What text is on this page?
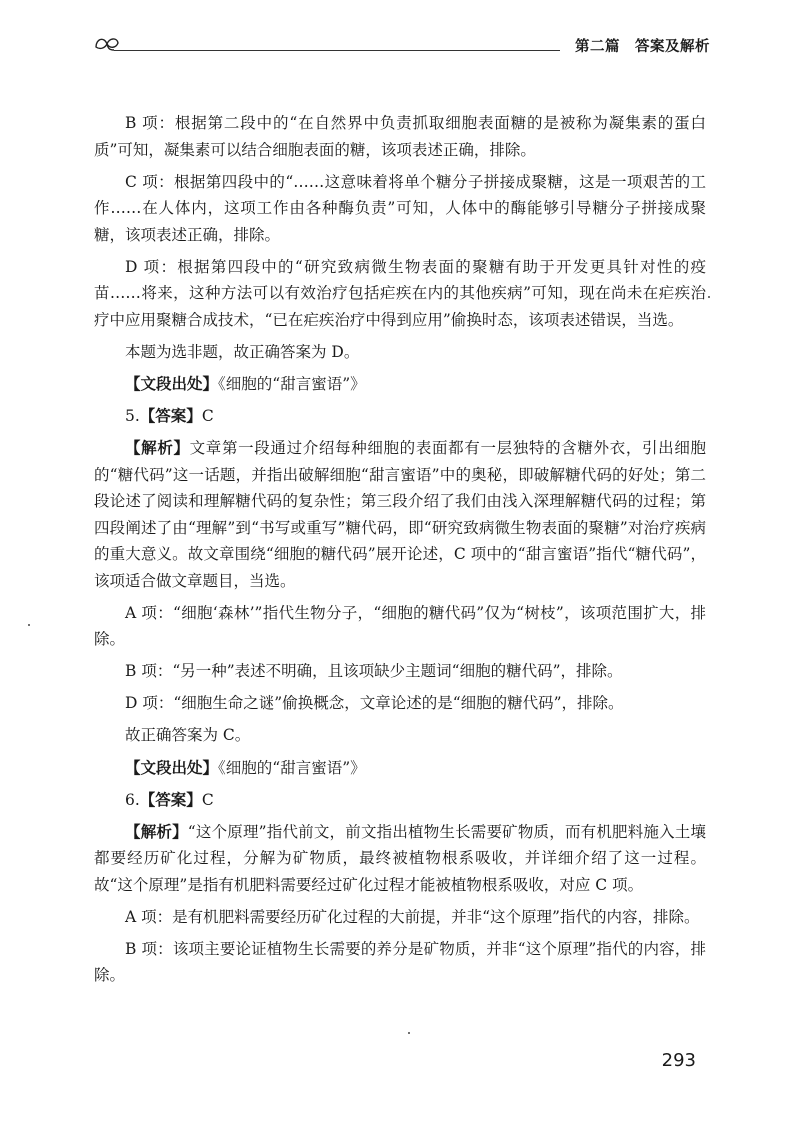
第二篇　答案及解析

B 项：根据第二段中的“在自然界中负责抓取细胞表面糖的是被称为凝集素的蛋白质”可知，凝集素可以结合细胞表面的糖，该项表述正确，排除。

C 项：根据第四段中的“……这意味着将单个糖分子拼接成聚糖，这是一项艰苦的工作……在人体内，这项工作由各种酶负责”可知，人体中的酶能够引导糖分子拼接成聚糖，该项表述正确，排除。

D 项：根据第四段中的“研究致病微生物表面的聚糖有助于开发更具针对性的疫苗……将来，这种方法可以有效治疗包括疟疾在内的其他疾病”可知，现在尚未在疟疾治疗中应用聚糖合成技术，“已在疟疾治疗中得到应用”偷换时态，该项表述错误，当选。

本题为选非题，故正确答案为 D。

【文段出处】《细胞的“甜言蜜语”》

5.【答案】C

【解析】文章第一段通过介绍每种细胞的表面都有一层独特的含糖外衣，引出细胞的“糖代码”这一话题，并指出破解细胞“甜言蜜语”中的奥秘，即破解糖代码的好处；第二段论述了阅读和理解糖代码的复杂性；第三段介绍了我们由浅入深理解糖代码的过程；第四段阐述了由“理解”到“书写或重写”糖代码，即“研究致病微生物表面的聚糖”对治疗疾病的重大意义。故文章围绕“细胞的糖代码”展开论述，C 项中的“甜言蜜语”指代“糖代码”，该项适合做文章题目，当选。

A 项：“细胞‘森林’”指代生物分子，“细胞的糖代码”仅为“树枝”，该项范围扩大，排除。

B 项：“另一种”表述不明确，且该项缺少主题词“细胞的糖代码”，排除。

D 项：“细胞生命之谜”偷换概念，文章论述的是“细胞的糖代码”，排除。

故正确答案为 C。

【文段出处】《细胞的“甜言蜜语”》

6.【答案】C

【解析】“这个原理”指代前文，前文指出植物生长需要矿物质，而有机肥料施入土壤都要经历矿化过程，分解为矿物质，最终被植物根系吸收，并详细介绍了这一过程。故“这个原理”是指有机肥料需要经过矿化过程才能被植物根系吸收，对应 C 项。

A 项：是有机肥料需要经历矿化过程的大前提，并非“这个原理”指代的内容，排除。

B 项：该项主要论证植物生长需要的养分是矿物质，并非“这个原理”指代的内容，排除。

293
